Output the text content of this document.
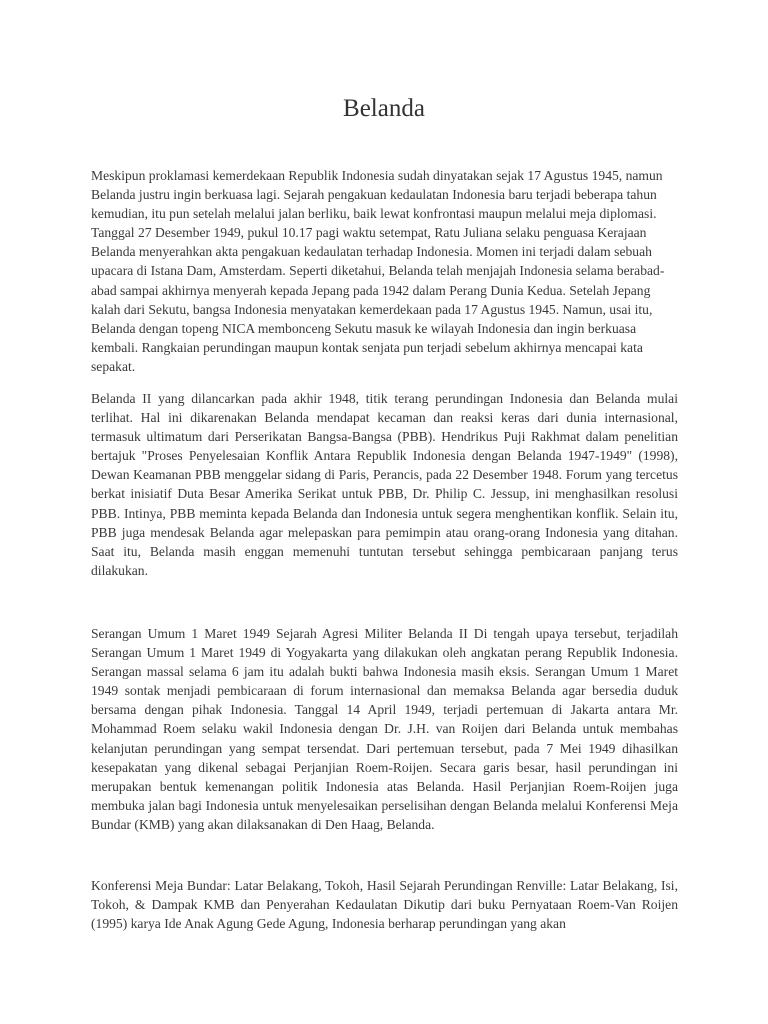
Belanda

Meskipun proklamasi kemerdekaan Republik Indonesia sudah dinyatakan sejak 17 Agustus 1945, namun Belanda justru ingin berkuasa lagi. Sejarah pengakuan kedaulatan Indonesia baru terjadi beberapa tahun kemudian, itu pun setelah melalui jalan berliku, baik lewat konfrontasi maupun melalui meja diplomasi. Tanggal 27 Desember 1949, pukul 10.17 pagi waktu setempat, Ratu Juliana selaku penguasa Kerajaan Belanda menyerahkan akta pengakuan kedaulatan terhadap Indonesia. Momen ini terjadi dalam sebuah upacara di Istana Dam, Amsterdam. Seperti diketahui, Belanda telah menjajah Indonesia selama berabad-abad sampai akhirnya menyerah kepada Jepang pada 1942 dalam Perang Dunia Kedua. Setelah Jepang kalah dari Sekutu, bangsa Indonesia menyatakan kemerdekaan pada 17 Agustus 1945. Namun, usai itu, Belanda dengan topeng NICA membonceng Sekutu masuk ke wilayah Indonesia dan ingin berkuasa kembali. Rangkaian perundingan maupun kontak senjata pun terjadi sebelum akhirnya mencapai kata sepakat.

Belanda II yang dilancarkan pada akhir 1948, titik terang perundingan Indonesia dan Belanda mulai terlihat. Hal ini dikarenakan Belanda mendapat kecaman dan reaksi keras dari dunia internasional, termasuk ultimatum dari Perserikatan Bangsa-Bangsa (PBB). Hendrikus Puji Rakhmat dalam penelitian bertajuk "Proses Penyelesaian Konflik Antara Republik Indonesia dengan Belanda 1947-1949" (1998), Dewan Keamanan PBB menggelar sidang di Paris, Perancis, pada 22 Desember 1948. Forum yang tercetus berkat inisiatif Duta Besar Amerika Serikat untuk PBB, Dr. Philip C. Jessup, ini menghasilkan resolusi PBB. Intinya, PBB meminta kepada Belanda dan Indonesia untuk segera menghentikan konflik. Selain itu, PBB juga mendesak Belanda agar melepaskan para pemimpin atau orang-orang Indonesia yang ditahan. Saat itu, Belanda masih enggan memenuhi tuntutan tersebut sehingga pembicaraan panjang terus dilakukan.

Serangan Umum 1 Maret 1949 Sejarah Agresi Militer Belanda II Di tengah upaya tersebut, terjadilah Serangan Umum 1 Maret 1949 di Yogyakarta yang dilakukan oleh angkatan perang Republik Indonesia. Serangan massal selama 6 jam itu adalah bukti bahwa Indonesia masih eksis. Serangan Umum 1 Maret 1949 sontak menjadi pembicaraan di forum internasional dan memaksa Belanda agar bersedia duduk bersama dengan pihak Indonesia. Tanggal 14 April 1949, terjadi pertemuan di Jakarta antara Mr. Mohammad Roem selaku wakil Indonesia dengan Dr. J.H. van Roijen dari Belanda untuk membahas kelanjutan perundingan yang sempat tersendat. Dari pertemuan tersebut, pada 7 Mei 1949 dihasilkan kesepakatan yang dikenal sebagai Perjanjian Roem-Roijen. Secara garis besar, hasil perundingan ini merupakan bentuk kemenangan politik Indonesia atas Belanda. Hasil Perjanjian Roem-Roijen juga membuka jalan bagi Indonesia untuk menyelesaikan perselisihan dengan Belanda melalui Konferensi Meja Bundar (KMB) yang akan dilaksanakan di Den Haag, Belanda.

Konferensi Meja Bundar: Latar Belakang, Tokoh, Hasil Sejarah Perundingan Renville: Latar Belakang, Isi, Tokoh, & Dampak KMB dan Penyerahan Kedaulatan Dikutip dari buku Pernyataan Roem-Van Roijen (1995) karya Ide Anak Agung Gede Agung, Indonesia berharap perundingan yang akan
